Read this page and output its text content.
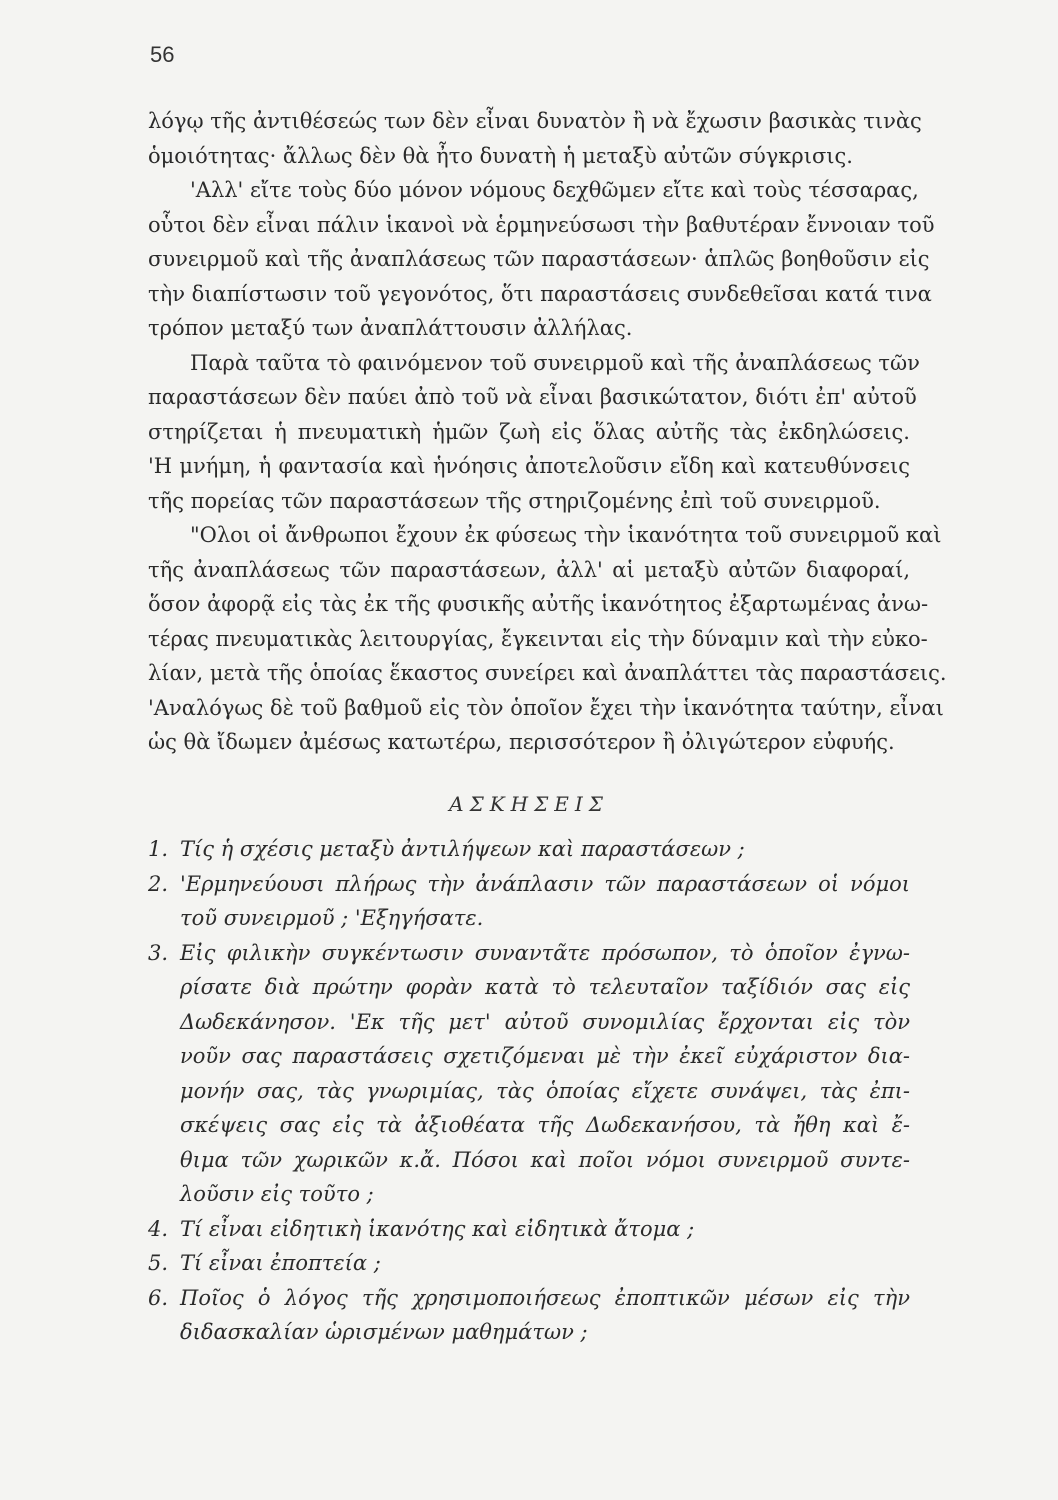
56
λόγῳ τῆς ἀντιθέσεώς των δὲν εἶναι δυνατὸν ἢ νὰ ἔχωσιν βασικὰς τινὰς
ὁμοιότητας· ἄλλως δὲν θὰ ἦτο δυνατὴ ἡ μεταξὺ αὐτῶν σύγκρισις.
'Αλλ' εἴτε τοὺς δύο μόνον νόμους δεχθῶμεν εἴτε καὶ τοὺς τέσσαρας,
οὗτοι δὲν εἶναι πάλιν ἱκανοὶ νὰ ἑρμηνεύσωσι τὴν βαθυτέραν ἔννοιαν τοῦ
συνειρμοῦ καὶ τῆς ἀναπλάσεως τῶν παραστάσεων· ἁπλῶς βοηθοῦσιν εἰς
τὴν διαπίστωσιν τοῦ γεγονότος, ὅτι παραστάσεις συνδεθεῖσαι κατά τινα
τρόπον μεταξύ των ἀναπλάττουσιν ἀλλήλας.
Παρὰ ταῦτα τὸ φαινόμενον τοῦ συνειρμοῦ καὶ τῆς ἀναπλάσεως τῶν
παραστάσεων δὲν παύει ἀπὸ τοῦ νὰ εἶναι βασικώτατον, διότι ἐπ' αὐτοῦ
στηρίζεται ἡ πνευματικὴ ἡμῶν ζωὴ εἰς ὅλας αὐτῆς τὰς ἐκδηλώσεις.
'Η μνήμη, ἡ φαντασία καὶ ἡνόησις ἀποτελοῦσιν εἴδη καὶ κατευθύνσεις
τῆς πορείας τῶν παραστάσεων τῆς στηριζομένης ἐπὶ τοῦ συνειρμοῦ.
"Ολοι οἱ ἄνθρωποι ἔχουν ἐκ φύσεως τὴν ἱκανότητα τοῦ συνειρμοῦ καὶ
τῆς ἀναπλάσεως τῶν παραστάσεων, ἀλλ' αἱ μεταξὺ αὐτῶν διαφοραί,
ὅσον ἀφορᾷ εἰς τὰς ἐκ τῆς φυσικῆς αὐτῆς ἱκανότητος ἐξαρτωμένας ἀνω-
τέρας πνευματικὰς λειτουργίας, ἔγκεινται εἰς τὴν δύναμιν καὶ τὴν εὐκο-
λίαν, μετὰ τῆς ὁποίας ἕκαστος συνείρει καὶ ἀναπλάττει τὰς παραστάσεις.
'Αναλόγως δὲ τοῦ βαθμοῦ εἰς τὸν ὁποῖον ἔχει τὴν ἱκανότητα ταύτην, εἶναι
ὡς θὰ ἴδωμεν ἀμέσως κατωτέρω, περισσότερον ἢ ὀλιγώτερον εὐφυής.
ΑΣΚΗΣΕΙΣ
1. Τίς ἡ σχέσις μεταξὺ ἀντιλήψεων καὶ παραστάσεων ;
2. 'Ερμηνεύουσι πλήρως τὴν ἀνάπλασιν τῶν παραστάσεων οἱ νόμοι
τοῦ συνειρμοῦ ; 'Εξηγήσατε.
3. Εἰς φιλικὴν συγκέντωσιν συναντᾶτε πρόσωπον, τὸ ὁποῖον ἐγνω-
ρίσατε διὰ πρώτην φορὰν κατὰ τὸ τελευταῖον ταξίδιόν σας εἰς
Δωδεκάνησον. 'Εκ τῆς μετ' αὐτοῦ συνομιλίας ἔρχονται εἰς τὸν
νοῦν σας παραστάσεις σχετιζόμεναι μὲ τὴν ἐκεῖ εὐχάριστον δια-
μονήν σας, τὰς γνωριμίας, τὰς ὁποίας εἴχετε συνάψει, τὰς ἐπι-
σκέψεις σας εἰς τὰ ἀξιοθέατα τῆς Δωδεκανήσου, τὰ ἤθη καὶ ἔ-
θιμα τῶν χωρικῶν κ.ἄ. Πόσοι καὶ ποῖοι νόμοι συνειρμοῦ συντε-
λοῦσιν εἰς τοῦτο ;
4. Τί εἶναι εἰδητικὴ ἱκανότης καὶ εἰδητικὰ ἄτομα ;
5. Τί εἶναι ἐποπτεία ;
6. Ποῖος ὁ λόγος τῆς χρησιμοποιήσεως ἐποπτικῶν μέσων εἰς τὴν
διδασκαλίαν ὡρισμένων μαθημάτων ;
